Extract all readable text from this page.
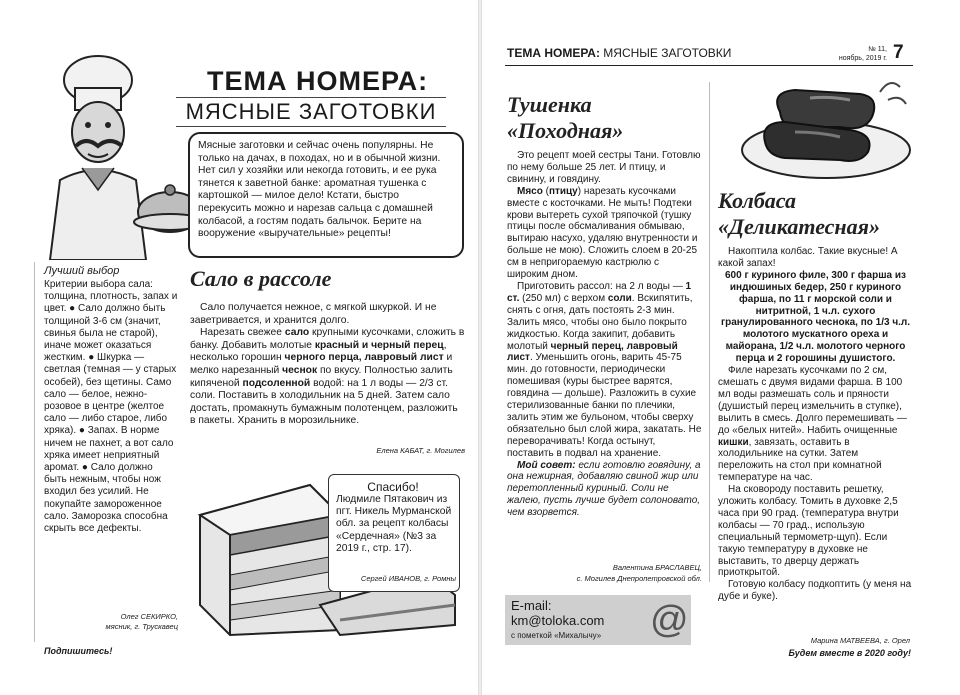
ТЕМА НОМЕРА:
МЯСНЫЕ ЗАГОТОВКИ
Мясные заготовки и сейчас очень популярны. Не только на дачах, в походах, но и в обычной жизни. Нет сил у хозяйки или некогда готовить, и ее рука тянется к заветной банке: ароматная тушенка с картошкой — милое дело! Кстати, быстро перекусить можно и нарезав сальца с домашней колбасой, а гостям подать балычок. Берите на вооружение «выручательные» рецепты!
Лучший выбор
Критерии выбора сала: толщина, плотность, запах и цвет. ● Сало должно быть толщиной 3-6 см (значит, свинья была не старой), иначе может оказаться жестким. ● Шкурка — светлая (темная — у старых особей), без щетины. Само сало — белое, нежно-розовое в центре (желтое сало — либо старое, либо хряка). ● Запах. В норме ничем не пахнет, а вот сало хряка имеет неприятный аромат. ● Сало должно быть нежным, чтобы нож входил без усилий. Не покупайте замороженное сало. Заморозка способна скрыть все дефекты.
Олег СЕКИРКО,
мясник, г. Трускавец
Сало в рассоле

Сало получается нежное, с мягкой шкуркой. И не заветривается, и хранится долго.

Нарезать свежее сало крупными кусочками, сложить в банку. Добавить молотые красный и черный перец, несколько горошин черного перца, лавровый лист и мелко нарезанный чеснок по вкусу. Полностью залить кипяченой подсоленной водой: на 1 л воды — 2/3 ст. соли. Поставить в холодильник на 5 дней. Затем сало достать, промакнуть бумажным полотенцем, разложить в пакеты. Хранить в морозильнике.

Елена КАБАТ, г. Могилев
Спасибо!
Людмиле Пятакович из пгт. Никель Мурманской обл. за рецепт колбасы «Сердечная» (№3 за 2019 г., стр. 17).
Сергей ИВАНОВ, г. Ромны
Подпишитесь!
ТЕМА НОМЕРА: МЯСНЫЕ ЗАГОТОВКИ	№ 11,
ноябрь, 2019 г. 7
Тушенка
«Походная»

Это рецепт моей сестры Тани. Готовлю по нему больше 25 лет. И птицу, и свинину, и говядину.

Мясо (птицу) нарезать кусочками вместе с косточками. Не мыть! Подтеки крови вытереть сухой тряпочкой (тушку птицы после обсмаливания обмываю, вытираю насухо, удаляю внутренности и больше не мою). Сложить слоем в 20-25 см в непригораемую кастрюлю с широким дном.

Приготовить рассол: на 2 л воды — 1 ст. (250 мл) с верхом соли. Вскипятить, снять с огня, дать постоять 2-3 мин. Залить мясо, чтобы оно было покрыто жидкостью. Когда закипит, добавить молотый черный перец, лавровый лист. Уменьшить огонь, варить 45-75 мин. до готовности, периодически помешивая (куры быстрее варятся, говядина — дольше). Разложить в сухие стерилизованные банки по плечики, залить этим же бульоном, чтобы сверху обязательно был слой жира, закатать. Не переворачивать! Когда остынут, поставить в подвал на хранение.

Мой совет: если готовлю говядину, а она нежирная, добавляю свиной жир или перетопленный куриный. Соли не жалею, пусть лучше будет солоновато, чем взорвется.

Валентина БРАСЛАВЕЦ,
с. Могилев Днепропетровской обл.
E-mail:
km@toloka.com
с пометкой «Михалычу» @
Колбаса
«Деликатесная»

Накоптила колбас. Такие вкусные! А какой запах!

600 г куриного филе, 300 г фарша из индюшиных бедер, 250 г куриного фарша, по 11 г морской соли и нитритной, 1 ч.л. сухого гранулированного чеснока, по 1/3 ч.л. молотого мускатного ореха и майорана, 1/2 ч.л. молотого черного перца и 2 горошины душистого.

Филе нарезать кусочками по 2 см, смешать с двумя видами фарша. В 100 мл воды размешать соль и пряности (душистый перец измельчить в ступке), вылить в смесь. Долго перемешивать — до «белых нитей». Набить очищенные кишки, завязать, оставить в холодильнике на сутки. Затем переложить на стол при комнатной температуре на час.

На сковороду поставить решетку, уложить колбасу. Томить в духовке 2,5 часа при 90 град. (температура внутри колбасы — 70 град., использую специальный термометр-щуп). Если такую температуру в духовке не выставить, то дверцу держать приоткрытой.

Готовую колбасу подкоптить (у меня на дубе и буке).

Марина МАТВЕЕВА, г. Орел
Будем вместе в 2020 году!
